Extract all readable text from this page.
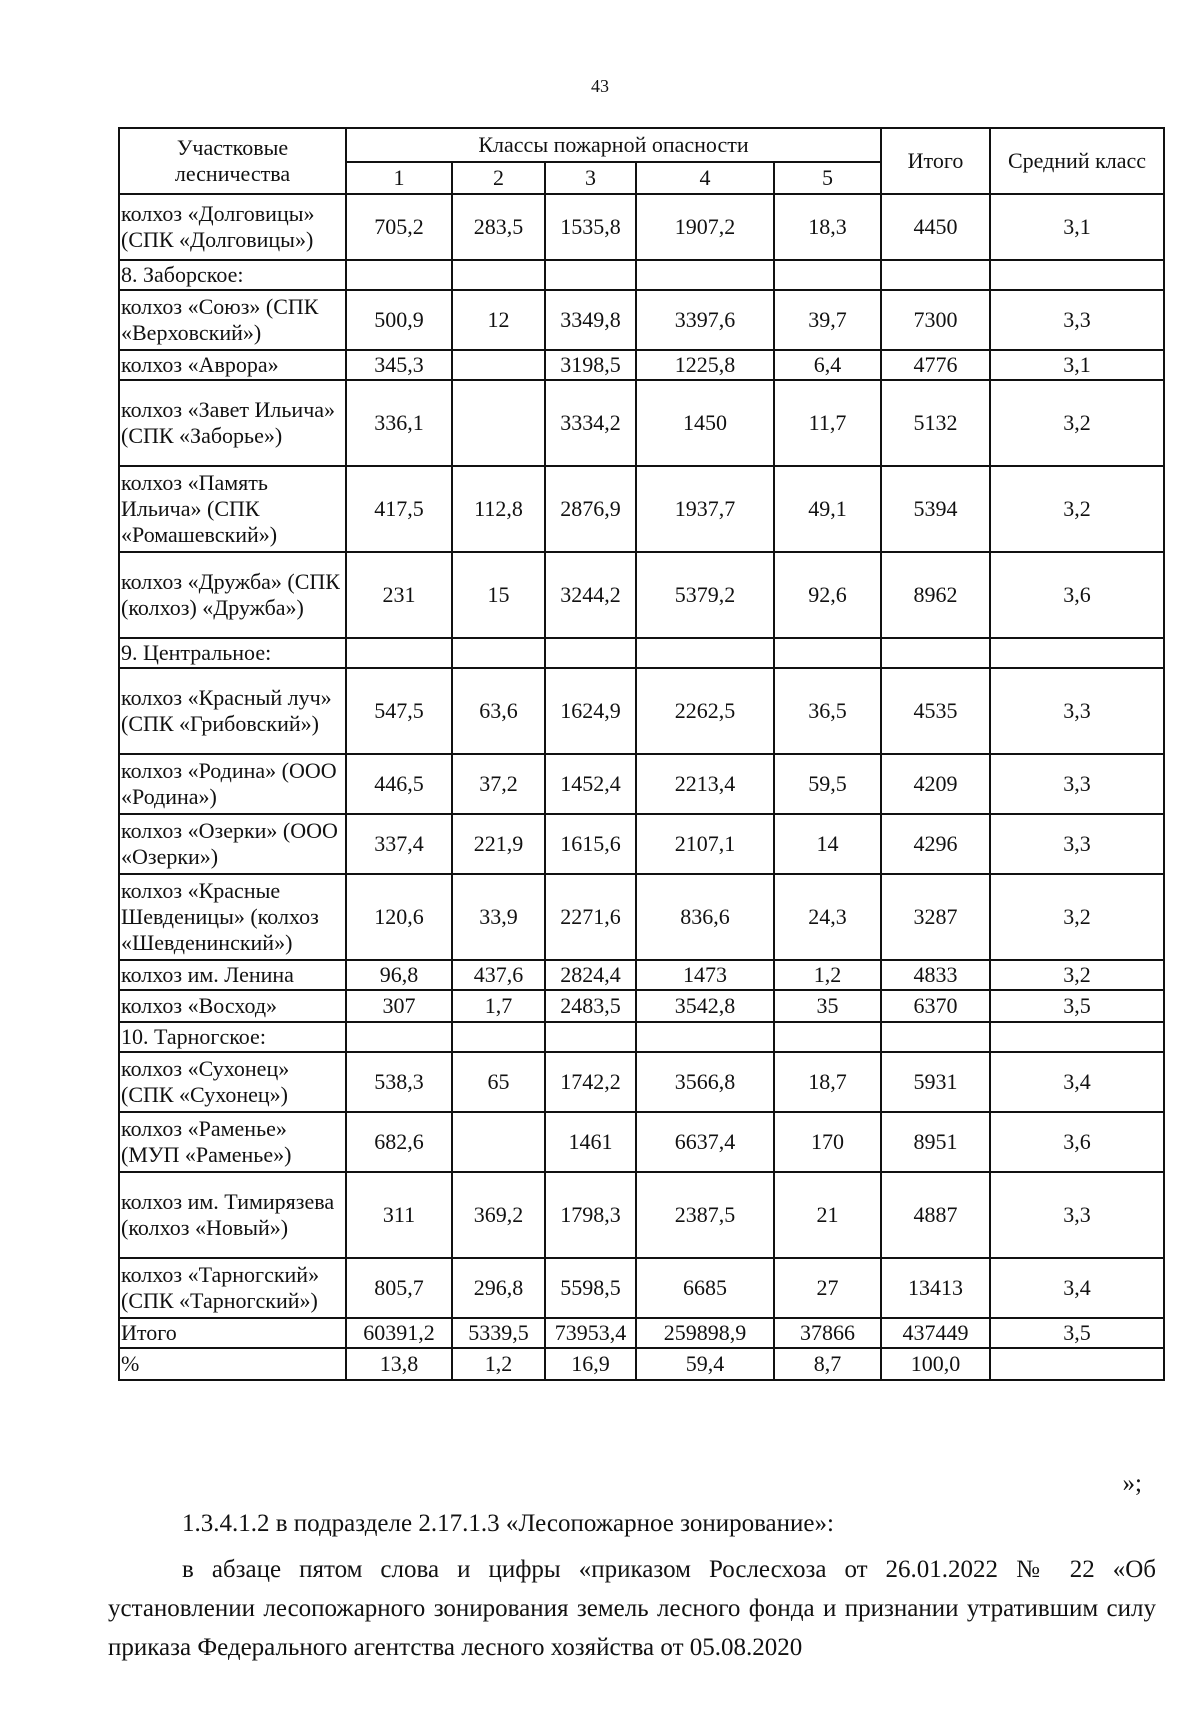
43
Участковые лесничества	Классы пожарной опасности					Итого	Средний класс
	1	2	3	4	5		
колхоз «Долговицы» (СПК «Долговицы»)	705,2	283,5	1535,8	1907,2	18,3	4450	3,1
8. Заборское:							
колхоз «Союз» (СПК «Верховский»)	500,9	12	3349,8	3397,6	39,7	7300	3,3
колхоз «Аврора»	345,3		3198,5	1225,8	6,4	4776	3,1
колхоз «Завет Ильича» (СПК «Заборье»)	336,1		3334,2	1450	11,7	5132	3,2
колхоз «Память Ильича» (СПК «Ромашевский»)	417,5	112,8	2876,9	1937,7	49,1	5394	3,2
колхоз «Дружба» (СПК (колхоз) «Дружба»)	231	15	3244,2	5379,2	92,6	8962	3,6
9. Центральное:							
колхоз «Красный луч» (СПК «Грибовский»)	547,5	63,6	1624,9	2262,5	36,5	4535	3,3
колхоз «Родина» (ООО «Родина»)	446,5	37,2	1452,4	2213,4	59,5	4209	3,3
колхоз «Озерки» (ООО «Озерки»)	337,4	221,9	1615,6	2107,1	14	4296	3,3
колхоз «Красные Шевденицы» (колхоз «Шевденинский»)	120,6	33,9	2271,6	836,6	24,3	3287	3,2
колхоз им. Ленина	96,8	437,6	2824,4	1473	1,2	4833	3,2
колхоз «Восход»	307	1,7	2483,5	3542,8	35	6370	3,5
10. Тарногское:							
колхоз «Сухонец» (СПК «Сухонец»)	538,3	65	1742,2	3566,8	18,7	5931	3,4
колхоз «Раменье» (МУП «Раменье»)	682,6		1461	6637,4	170	8951	3,6
колхоз им. Тимирязева (колхоз «Новый»)	311	369,2	1798,3	2387,5	21	4887	3,3
колхоз «Тарногский» (СПК «Тарногский»)	805,7	296,8	5598,5	6685	27	13413	3,4
Итого	60391,2	5339,5	73953,4	259898,9	37866	437449	3,5
%	13,8	1,2	16,9	59,4	8,7	100,0	
»;
1.3.4.1.2 в подразделе 2.17.1.3 «Лесопожарное зонирование»:
в абзаце пятом слова и цифры «приказом Рослесхоза от 26.01.2022 № 22 «Об установлении лесопожарного зонирования земель лесного фонда и признании утратившим силу приказа Федерального агентства лесного хозяйства от 05.08.2020
